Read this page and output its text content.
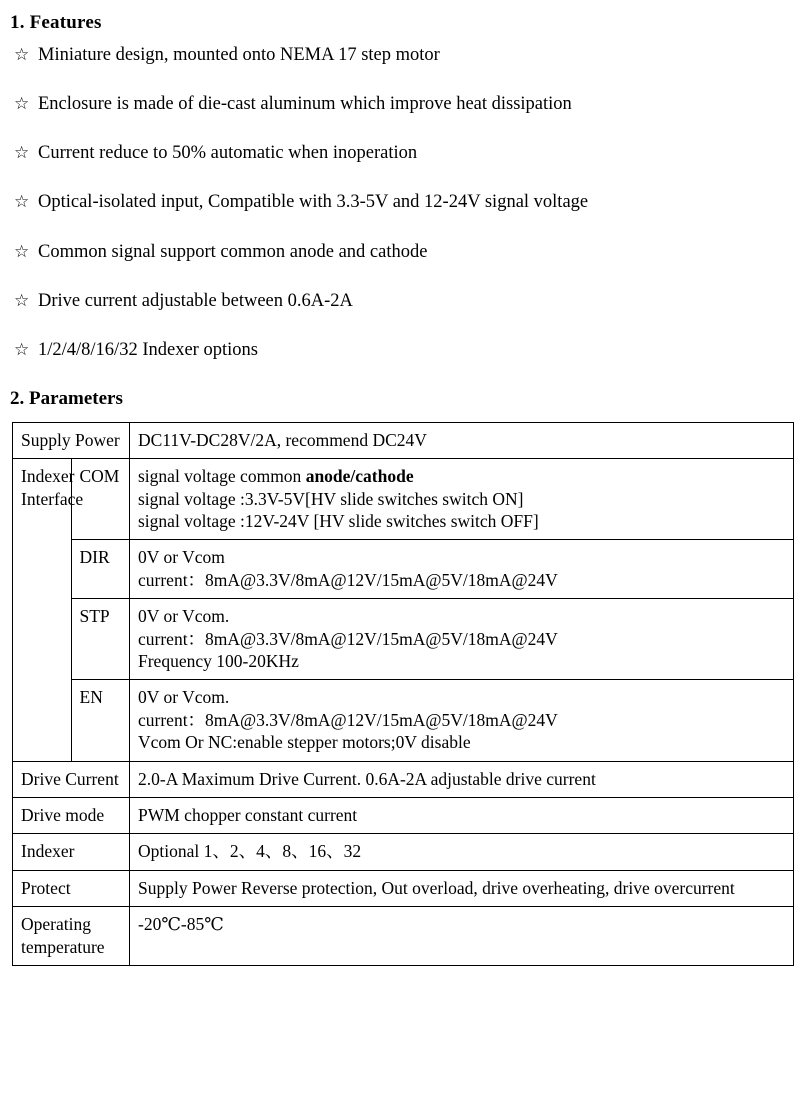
1. Features
☆ Miniature design, mounted onto NEMA 17 step motor
☆ Enclosure is made of die-cast aluminum which improve heat dissipation
☆ Current reduce to 50% automatic when inoperation
☆ Optical-isolated input, Compatible with 3.3-5V and 12-24V signal voltage
☆ Common signal support common anode and cathode
☆ Drive current adjustable between 0.6A-2A
☆ 1/2/4/8/16/32 Indexer options
2. Parameters
Supply Power		DC11V-DC28V/2A, recommend DC24V

Indexer
Interface	COM	signal voltage common anode/cathode
signal voltage :3.3V-5V[HV slide switches switch ON]
signal voltage :12V-24V [HV slide switches switch OFF]

	DIR	0V or Vcom
current：8mA@3.3V/8mA@12V/15mA@5V/18mA@24V

	STP	0V or Vcom.
current：8mA@3.3V/8mA@12V/15mA@5V/18mA@24V
Frequency 100-20KHz

	EN	0V or Vcom.
current：8mA@3.3V/8mA@12V/15mA@5V/18mA@24V
Vcom Or NC:enable stepper motors;0V disable

Drive Current		2.0-A Maximum Drive Current. 0.6A-2A adjustable drive current
Drive mode		PWM chopper constant current
Indexer		Optional 1、2、4、8、16、32
Protect		Supply Power Reverse protection, Out overload, drive overheating, drive overcurrent

Operating
temperature		-20℃-85℃
